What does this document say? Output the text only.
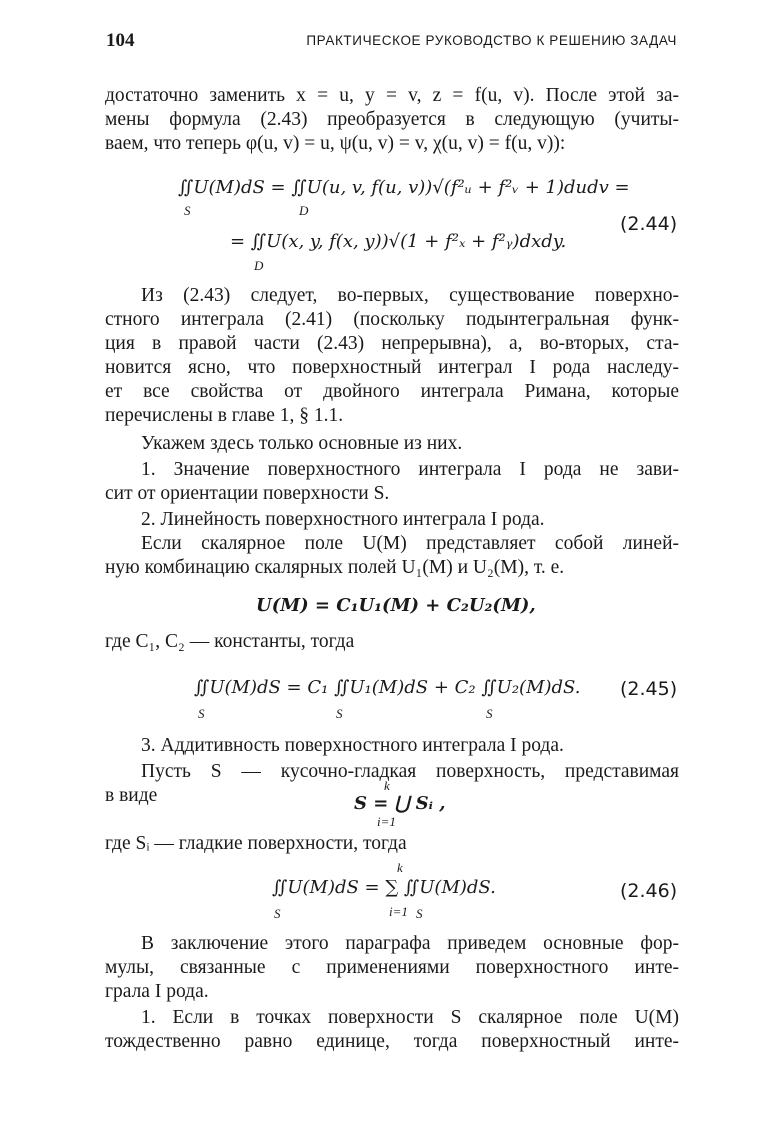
104	ПРАКТИЧЕСКОЕ РУКОВОДСТВО К РЕШЕНИЮ ЗАДАЧ
достаточно заменить x = u, y = v, z = f(u, v). После этой за-
мены формула (2.43) преобразуется в следующую (учиты-
ваем, что теперь φ(u, v) = u, ψ(u, v) = v, χ(u, v) = f(u, v)):
∬U(M)dS = ∬U(u, v, f(u, v))√(f²ᵤ + f²ᵥ + 1)dudv =
S	D
= ∬U(x, y, f(x, y))√(1 + f²ₓ + f²ᵧ)dxdy.
D
(2.44)
Из (2.43) следует, во-первых, существование поверхно-
стного интеграла (2.41) (поскольку подынтегральная функ-
ция в правой части (2.43) непрерывна), а, во-вторых, ста-
новится ясно, что поверхностный интеграл I рода наследу-
ет все свойства от двойного интеграла Римана, которые
перечислены в главе 1, § 1.1.
Укажем здесь только основные из них.
1. Значение поверхностного интеграла I рода не зави-
сит от ориентации поверхности S.
2. Линейность поверхностного интеграла I рода.
Если скалярное поле U(M) представляет собой линей-
ную комбинацию скалярных полей U₁(M) и U₂(M), т. е.
U(M) = C₁U₁(M) + C₂U₂(M),
где C₁, C₂ — константы, тогда
∬U(M)dS = C₁ ∬U₁(M)dS + C₂ ∬U₂(M)dS.
S	S	S
(2.45)
3. Аддитивность поверхностного интеграла I рода.
Пусть S — кусочно-гладкая поверхность, представимая
в виде	k
S = ⋃ Sᵢ ,
i=1
где Sᵢ — гладкие поверхности, тогда
k
∬U(M)dS = ∑ ∬U(M)dS.
i=1
S	S
(2.46)
В заключение этого параграфа приведем основные фор-
мулы, связанные с применениями поверхностного инте-
грала I рода.
1. Если в точках поверхности S скалярное поле U(M)
тождественно равно единице, тогда поверхностный инте-
